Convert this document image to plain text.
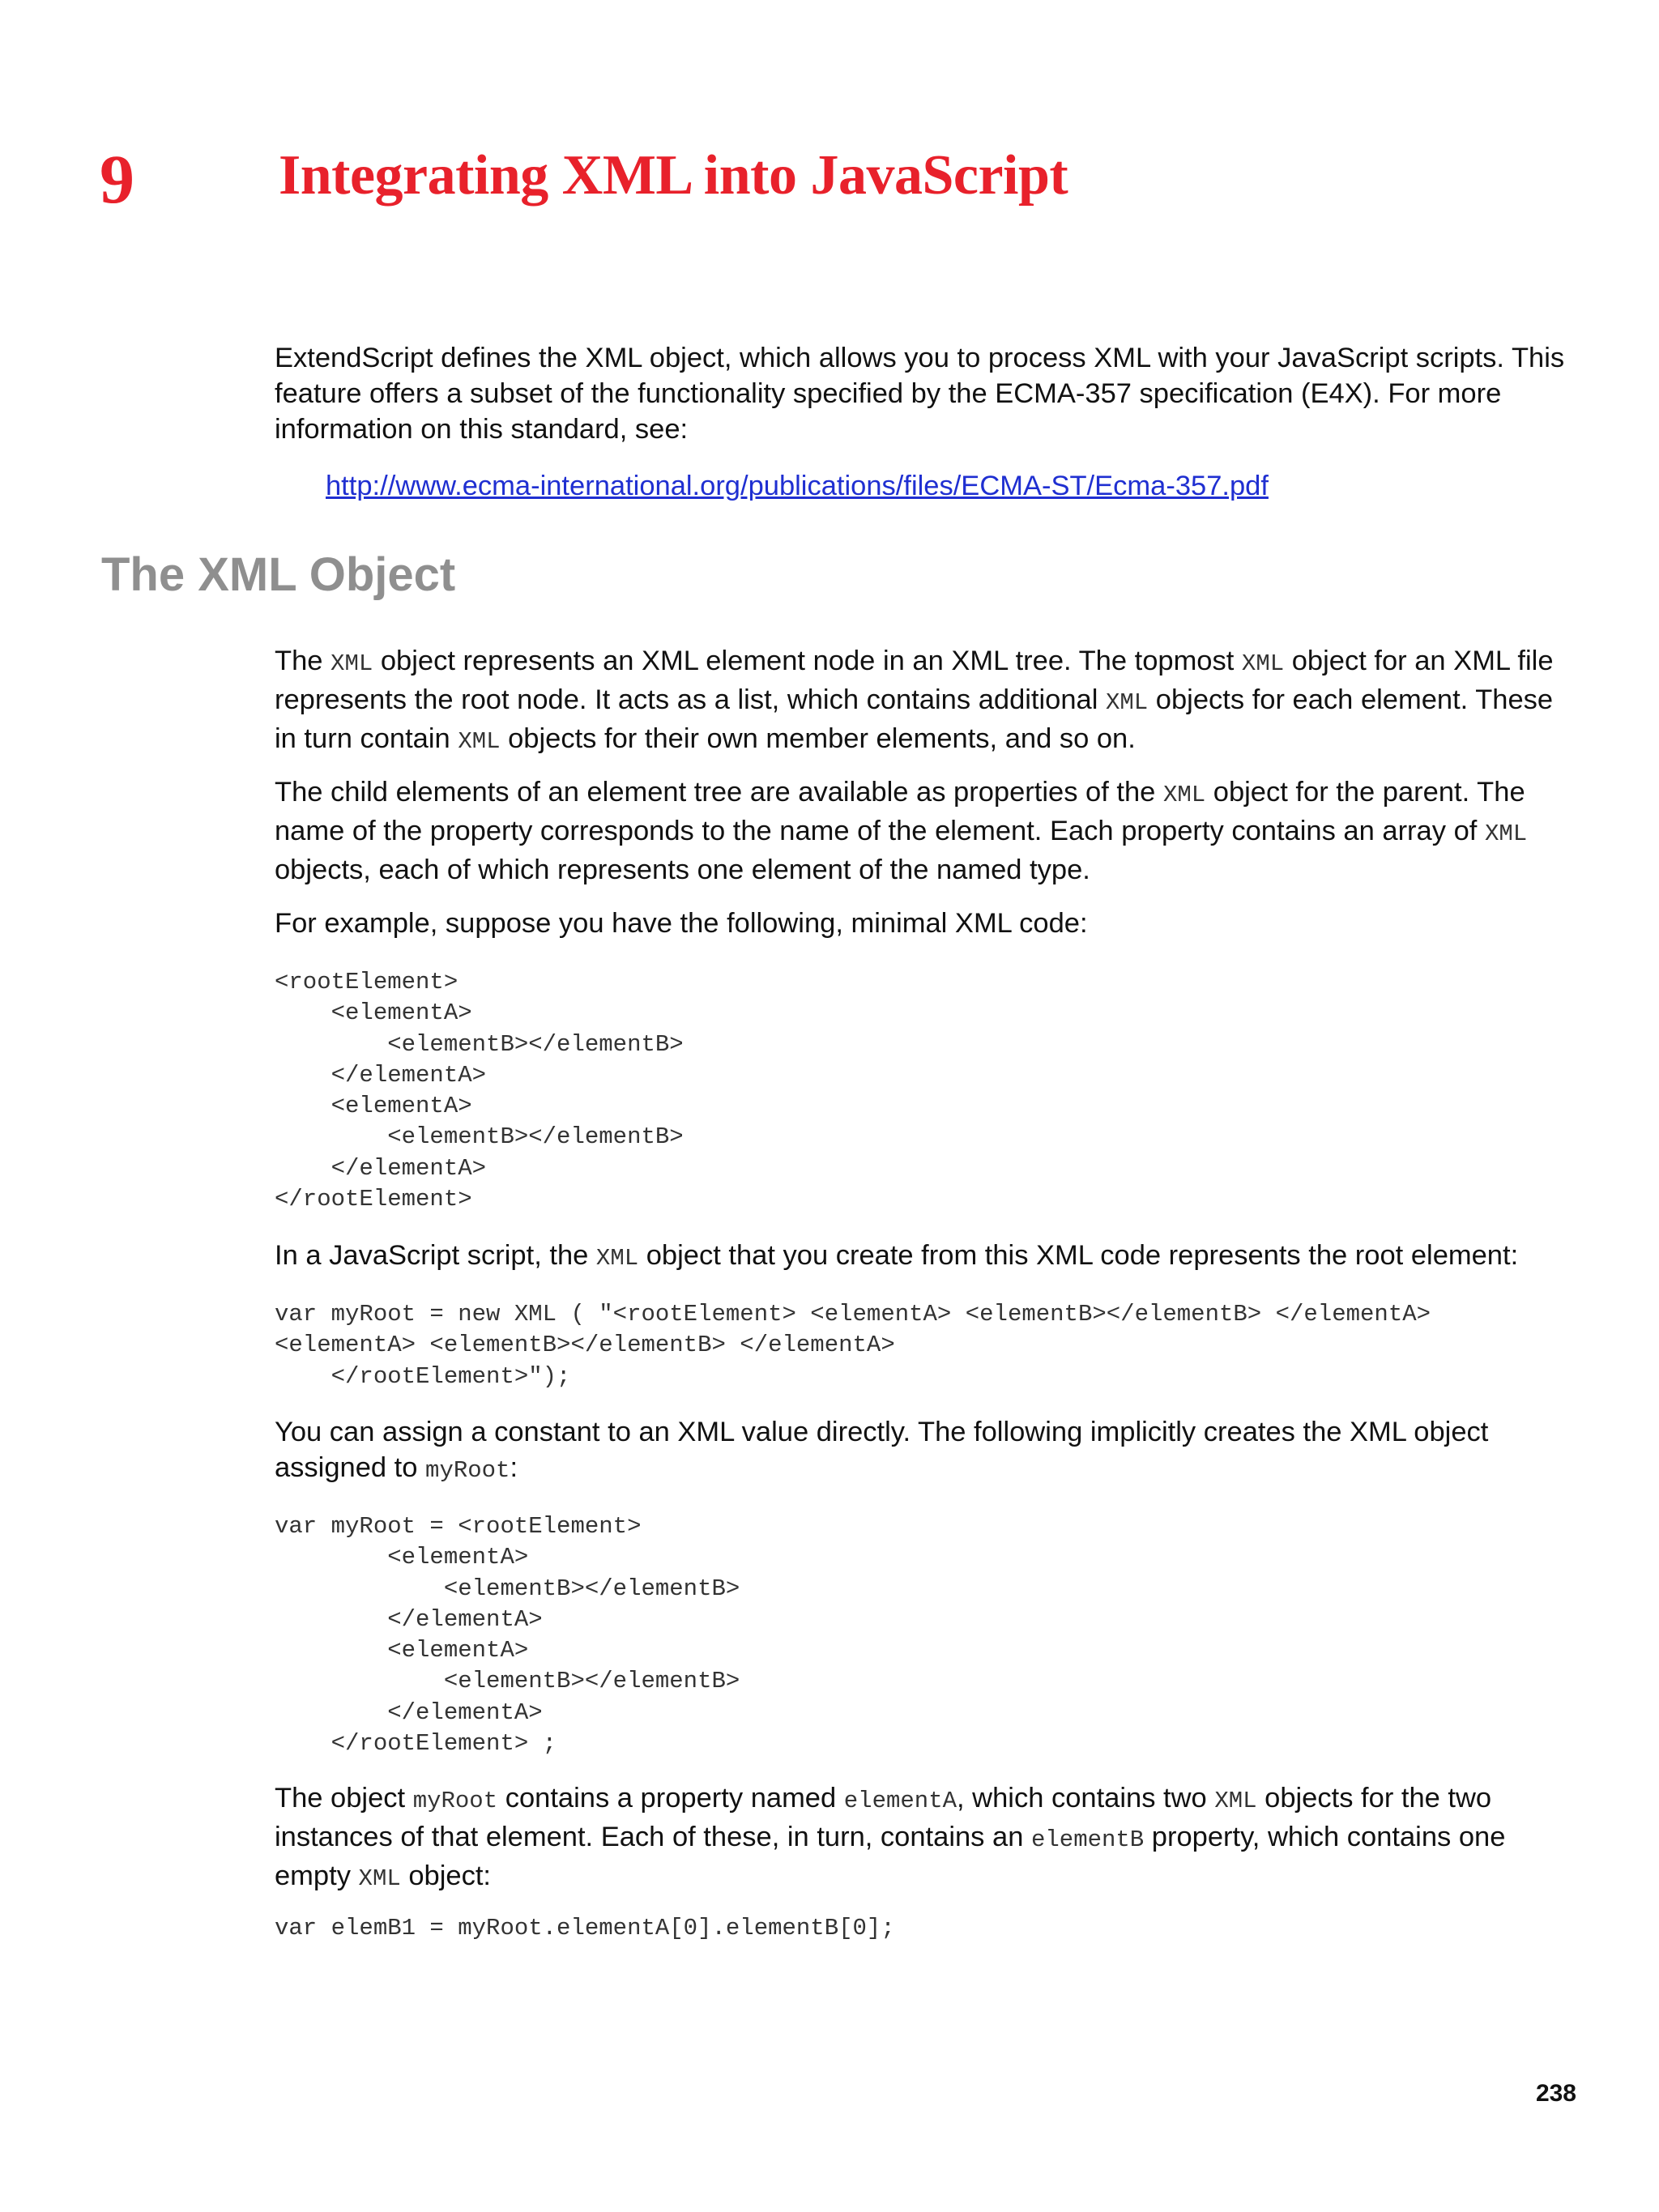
9	Integrating XML into JavaScript

ExtendScript defines the XML object, which allows you to process XML with your JavaScript scripts. This feature offers a subset of the functionality specified by the ECMA-357 specification (E4X). For more information on this standard, see:

http://www.ecma-international.org/publications/files/ECMA-ST/Ecma-357.pdf
The XML Object

The XML object represents an XML element node in an XML tree. The topmost XML object for an XML file represents the root node. It acts as a list, which contains additional XML objects for each element. These in turn contain XML objects for their own member elements, and so on.

The child elements of an element tree are available as properties of the XML object for the parent. The name of the property corresponds to the name of the element. Each property contains an array of XML objects, each of which represents one element of the named type.

For example, suppose you have the following, minimal XML code:

<rootElement>
<elementA>
<elementB></elementB>
</elementA>
<elementA>
<elementB></elementB>
</elementA>
</rootElement>

In a JavaScript script, the XML object that you create from this XML code represents the root element:

var myRoot = new XML ( "<rootElement> <elementA> <elementB></elementB> </elementA>
<elementA> <elementB></elementB> </elementA>
</rootElement>");

You can assign a constant to an XML value directly. The following implicitly creates the XML object assigned to myRoot:

var myRoot = <rootElement>
<elementA>
<elementB></elementB>
</elementA>
<elementA>
<elementB></elementB>
</elementA>
</rootElement> ;

The object myRoot contains a property named elementA, which contains two XML objects for the two instances of that element. Each of these, in turn, contains an elementB property, which contains one empty XML object:

var elemB1 = myRoot.elementA[0].elementB[0];
238
